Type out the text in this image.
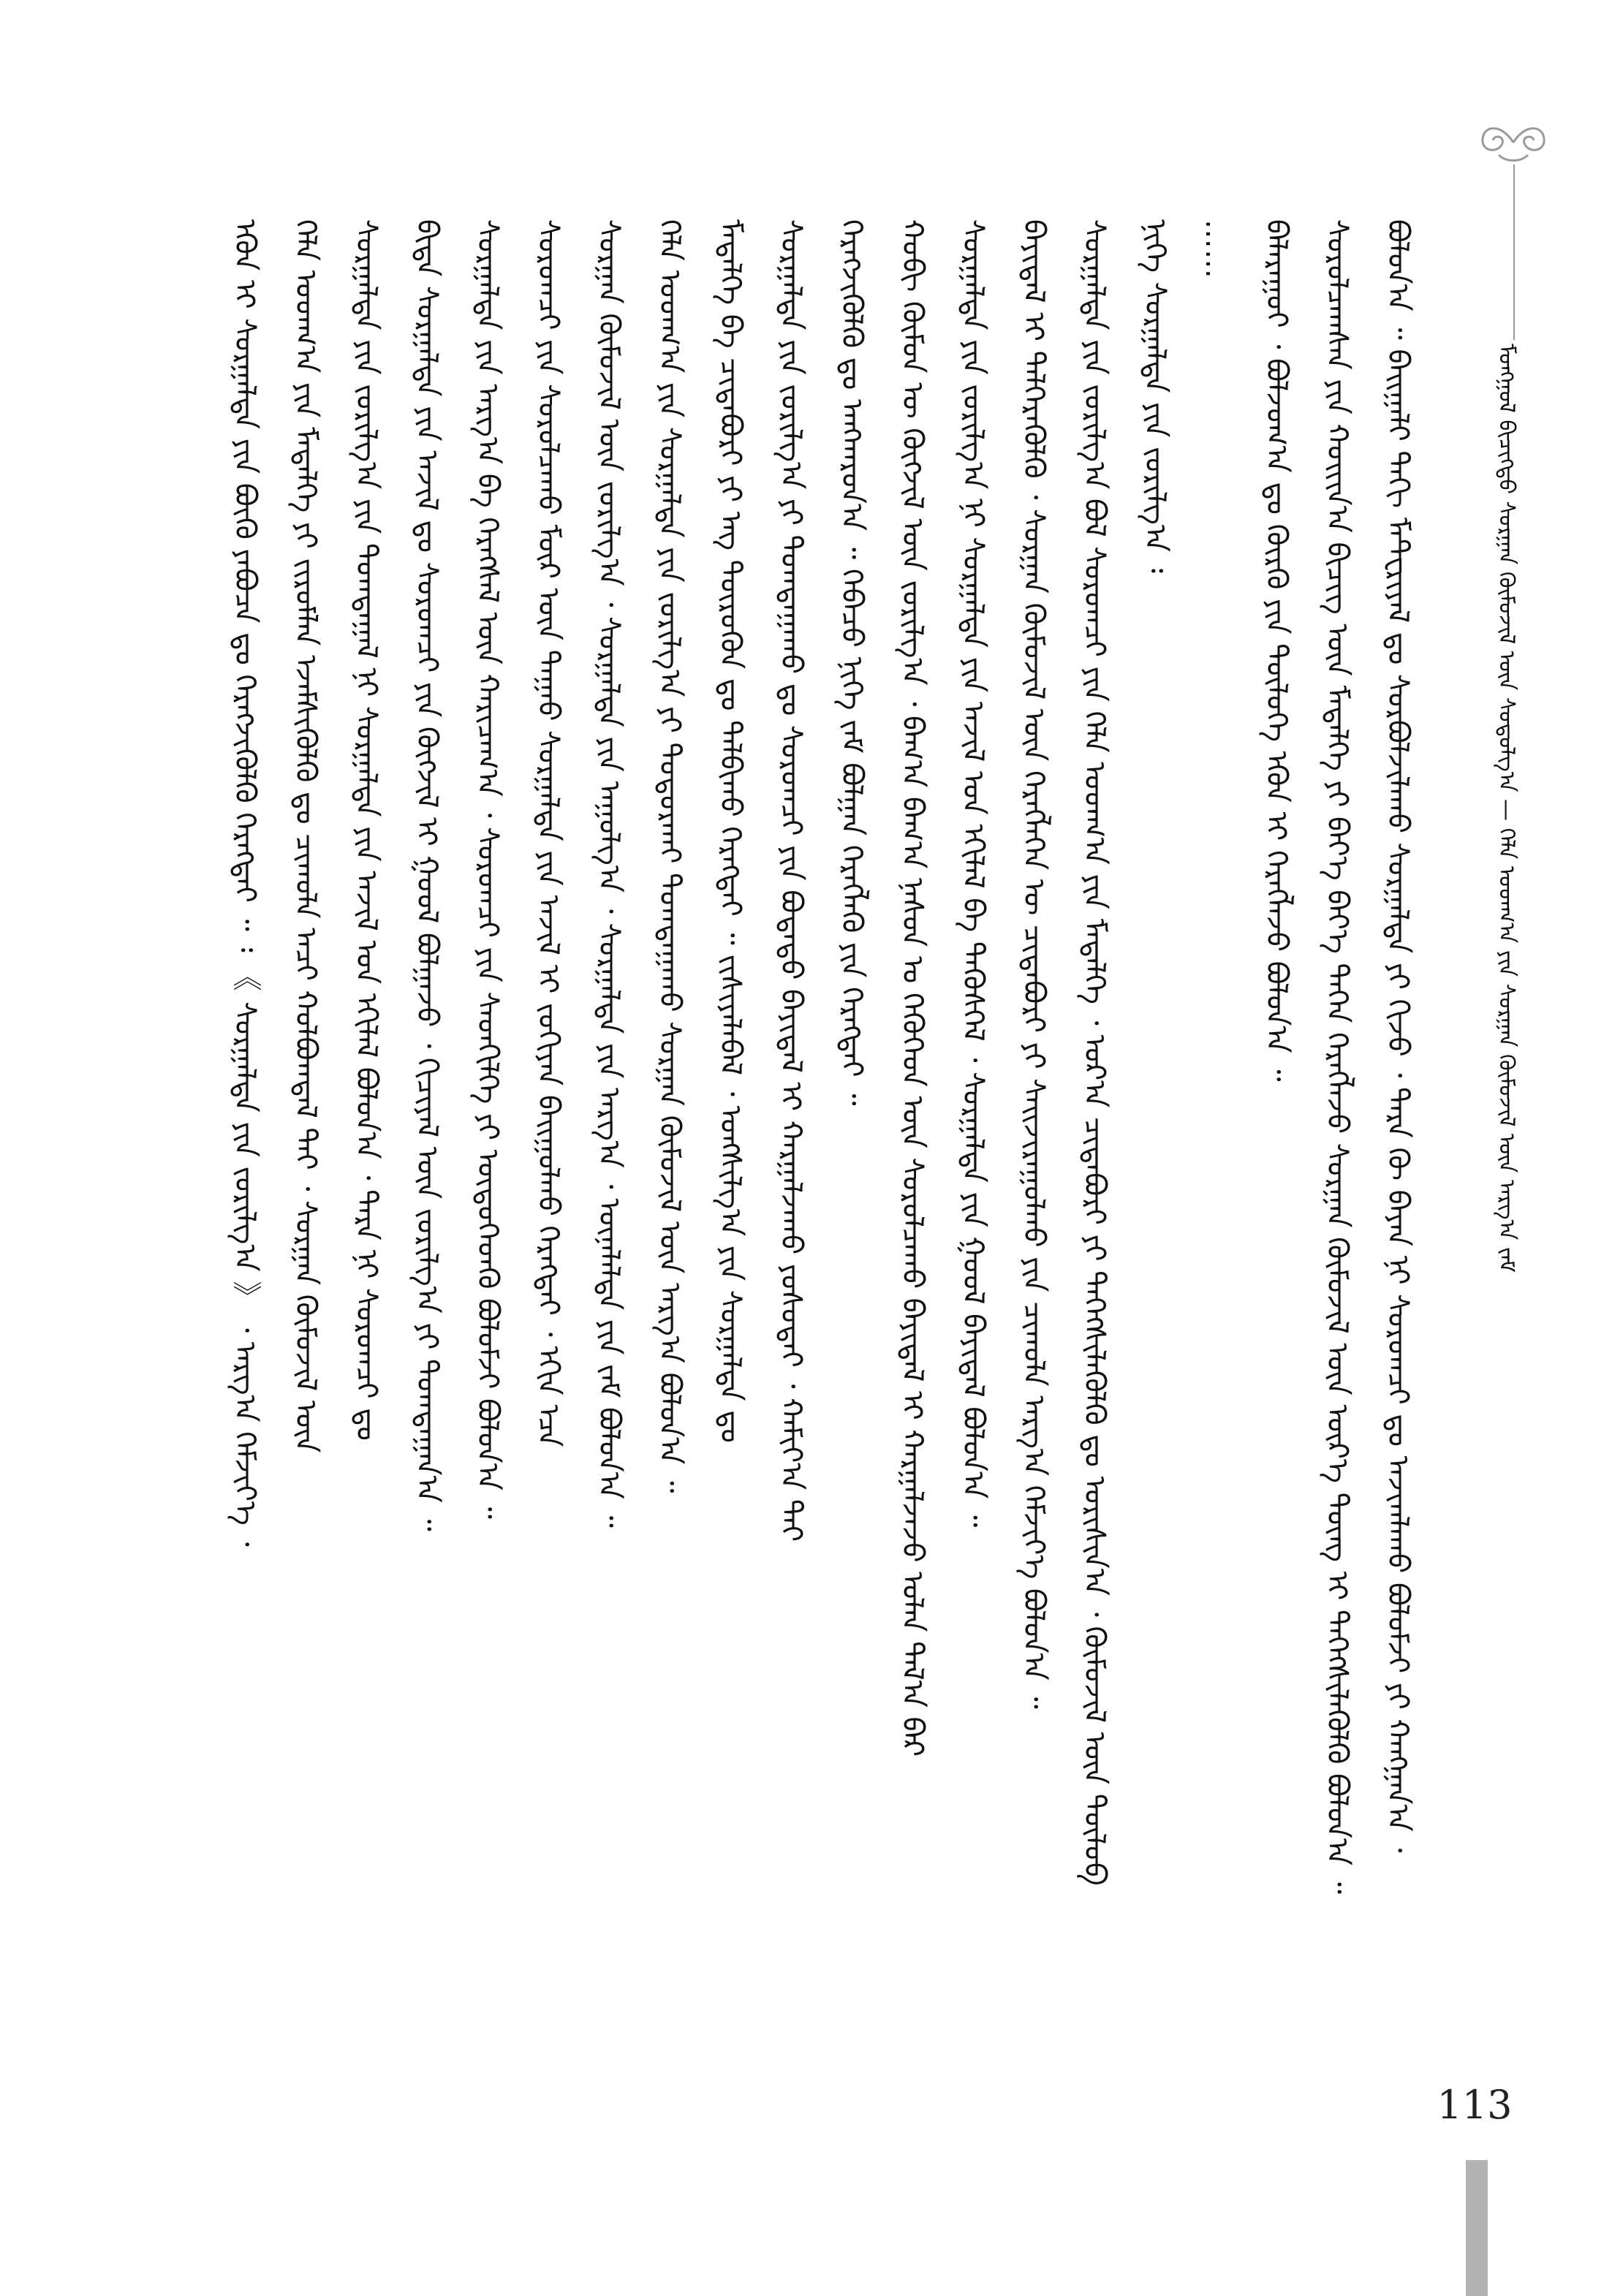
ᠮᠣᠩᠭᠣᠯ ᠪᠢᠴᠢᠭᠲᠦ ᠰᠤᠷᠭᠠᠨ ᠬᠦᠮᠦᠵᠢᠯ ᠦᠨ ᠰᠤᠳᠤᠯᠭ᠎ᠠ — ᠬᠡᠯᠡ ᠤᠳᠬ᠎ᠠ ᠶᠢᠨ ᠰᠤᠷᠭᠠᠨ ᠬᠦᠮᠦᠵᠢᠯ ᠦᠨ ᠠᠷᠭ᠎ᠠ ᠵᠠᠮ
ᠪᠤᠯᠤᠨ᠎ᠠ ᠃ ᠪᠠᠢᠭᠠᠯᠢ ᠳᠠᠬᠢ ᠮᠠᠲ᠋ᠧᠷᠢᠶᠠᠯ ᠳᠤ ᠰᠤᠷᠪᠤᠯᠵᠢᠯᠠᠬᠤ ᠰᠤᠷᠭᠠᠯᠲᠠ ᠶᠢ ᠬᠢᠵᠦ ᠂ ᠲᠡᠷᠡ ᠬᠦ ᠪᠠᠶᠠᠨ ᠨᠢ ᠰᠤᠷᠤᠭᠴᠢ ᠳᠤ ᠠᠵᠢᠭᠯᠠᠬᠤ ᠪᠣᠯᠤᠮᠵᠢ ᠶᠢ ᠬᠠᠩᠭᠠᠨ᠎ᠠ ᠂
ᠰᠤᠷᠤᠯᠴᠠᠭᠰᠠᠨ ᠶᠢᠨ ᠬᠣᠢᠢᠨ᠎ᠠ ᠪᠢᠴᠢᠭ᠌ ᠦᠨ ᠮᠡᠳᠡᠯᠭᠡ ᠶᠢ ᠪᠡᠶ᠎ᠡ ᠪᠡᠶ᠎ᠡ ᠳᠡᠭᠡᠨ ᠬᠡᠷᠡᠭᠯᠡᠵᠦ ᠰᠤᠷᠭᠠᠨ ᠬᠦᠮᠦᠵᠢᠯ ᠦᠨ ᠦᠷ᠎ᠡ ᠳᠦᠩ ᠢ ᠳᠡᠭᠡᠭᠰᠢᠯᠡᠭᠦᠯᠬᠦ ᠪᠣᠯᠤᠨ᠎ᠠ ᠃
ᠪᠠᠯᠠᠷᠠᠭᠤᠢ ᠂ ᠪᠣᠯᠵᠣᠭ᠎ᠠ ᠳᠤ ᠬᠦᠷᠬᠦ ᠶᠢᠨ ᠲᠥᠯᠥᠭᠡ ᠡᠭᠦᠨ ᠢ ᠬᠡᠷᠡᠭᠯᠡᠵᠦ ᠪᠣᠯᠣᠨ᠎ᠠ ᠃
……
ᠨᠢᠭᠡ ᠰᠤᠷᠭᠠᠯᠲᠠ ᠶᠢᠨ ᠵᠣᠷᠢᠯᠭ᠎ᠠ ᠄
ᠰᠤᠷᠭᠠᠯᠲᠠ ᠶᠢᠨ ᠵᠣᠷᠢᠯᠭ᠎ᠠ ᠪᠣᠯ ᠰᠤᠷᠤᠭᠴᠢ ᠶᠢᠨ ᠬᠡᠯᠡ ᠤᠳᠬ᠎ᠠ ᠶᠢᠨ ᠮᠡᠳᠡᠯᠭᠡ ᠂ ᠤᠷ᠎ᠠ ᠴᠢᠳᠠᠪᠤᠷᠢ ᠶᠢ ᠳᠡᠭᠡᠭᠰᠢᠯᠡᠭᠦᠯᠬᠦ ᠳᠤ ᠣᠷᠢᠰᠢᠨ᠎ᠠ ᠂ ᠬᠦᠮᠦᠵᠢᠯ ᠦᠨ ᠲᠥᠯᠥᠪ
ᠪᠠᠶᠢᠳᠠᠯ ᠢ ᠲᠡᠯᠭᠡᠷᠡᠭᠦᠯᠬᠦ ᠂ ᠰᠤᠷᠭᠠᠨ ᠬᠦᠮᠦᠵᠢᠯ ᠦᠨ ᠬᠡᠷᠡᠭᠯᠡᠭᠡᠨ ᠦ ᠴᠢᠳᠠᠪᠤᠷᠢ ᠶᠢ ᠰᠠᠢᠵᠢᠷᠠᠭᠤᠯᠬᠤ ᠶᠢᠨ ᠴᠢᠬᠤᠯᠠ ᠠᠷᠭ᠎ᠠ ᠬᠡᠮᠵᠢᠶ᠎ᠡ ᠪᠣᠯᠤᠨ᠎ᠠ ᠃
ᠰᠤᠷᠭᠠᠯᠲᠠ ᠶᠢᠨ ᠵᠣᠷᠢᠯᠭ᠎ᠠ ᠨᠢ ᠰᠤᠷᠭᠠᠯᠲᠠ ᠶᠢᠨ ᠠᠵᠢᠯ ᠤᠨ ᠡᠬᠢᠯᠡᠯ ᠪᠠ ᠲᠡᠭᠦᠰᠬᠡᠯ ᠂ ᠰᠤᠷᠭᠠᠯᠲᠠ ᠶᠢᠨ ᠭᠣᠣᠯ ᠪᠠᠶᠢᠳᠠᠯ ᠪᠣᠯᠤᠨ᠎ᠠ ᠃
ᠬᠤᠪᠢ ᠬᠦᠮᠦᠨ ᠦ ᠬᠥᠭᠵᠢᠯ ᠦᠨ ᠵᠣᠷᠢᠯᠭ᠎ᠠ ᠂ ᠪᠠᠭ᠎ᠠ ᠪᠠᠭ᠎ᠠ ᠨᠠᠰᠤᠨ ᠤ ᠬᠡᠭᠦᠬᠡᠳ ᠦᠨ ᠰᠤᠷᠤᠯᠴᠠᠬᠤ ᠪᠠᠶᠢᠳᠠᠯ ᠢ ᠬᠠᠷᠭᠠᠯᠵᠠᠵᠤ ᠣᠯᠠᠨ ᠲᠠᠯ᠎ᠠ ᠪᠠᠷ
ᠬᠡᠷᠡᠭᠵᠢᠭᠦᠯᠬᠦ ᠳᠤ ᠠᠩᠬᠠᠷᠤᠨ᠎ᠠ ᠃ ᠭᠡᠪᠡᠴᠦ ᠨᠢᠭᠡ ᠵᠠᠮ ᠪᠣᠯᠭᠠᠨ ᠬᠡᠷᠡᠭᠯᠡᠬᠦ ᠶᠢᠨ ᠬᠡᠷᠡᠭᠲᠡᠢ ᠃
ᠰᠤᠷᠭᠠᠯᠲᠠ ᠶᠢᠨ ᠵᠣᠷᠢᠯᠭ᠎ᠠ ᠶᠢ ᠲᠣᠭᠲᠠᠭᠠᠬᠤ ᠳᠤ ᠰᠤᠷᠤᠭᠴᠢ ᠶᠢᠨ ᠪᠣᠳᠠᠲᠤ ᠪᠠᠶᠢᠳᠠᠯ ᠢ ᠬᠠᠷᠭᠠᠯᠵᠠᠬᠤ ᠶᠣᠰᠣᠲᠠᠢ ᠂ ᠬᠠᠮᠢᠶ᠎ᠠ ᠲᠠᠢ
ᠮᠡᠳᠡᠯᠭᠡ ᠪᠠ ᠴᠢᠳᠠᠪᠤᠷᠢ ᠶᠢ ᠡᠩ ᠲᠦᠷᠦᠭᠦᠨ ᠳᠤ ᠲᠠᠯᠪᠢᠬᠤ ᠬᠡᠷᠡᠭᠲᠡᠢ ᠃ ᠵᠢᠱᠢᠶᠡᠯᠡᠪᠡᠯ ᠂ ᠤᠩᠰᠢᠯᠭ᠎ᠠ ᠶᠢᠨ ᠰᠤᠷᠭᠠᠯᠲᠠ ᠳᠤ
ᠬᠡᠯᠡ ᠤᠳᠬ᠎ᠠ ᠶᠢᠨ ᠰᠤᠷᠭᠠᠯᠲᠠ ᠶᠢᠨ ᠵᠣᠷᠢᠯᠭ᠎ᠠ ᠶᠢ ᠲᠣᠳᠣᠷᠬᠠᠢ ᠲᠣᠭᠲᠠᠭᠠᠬᠤ ᠰᠤᠷᠭᠠᠨ ᠬᠦᠮᠦᠵᠢᠯ ᠦᠨ ᠠᠷᠭ᠎ᠠ ᠪᠣᠯᠤᠨ᠎ᠠ ᠃
ᠰᠤᠷᠭᠠᠨ ᠬᠦᠮᠦᠵᠢᠯ ᠦᠨ ᠵᠣᠷᠢᠯᠭ᠎ᠠ ᠂ ᠰᠤᠷᠭᠠᠯᠲᠠ ᠶᠢᠨ ᠠᠭᠤᠯᠭ᠎ᠠ ᠂ ᠰᠤᠷᠭᠠᠯᠲᠠ ᠶᠢᠨ ᠠᠷᠭ᠎ᠠ ᠂ ᠦᠨᠡᠯᠡᠯᠲᠡ ᠶᠢᠨ ᠵᠠᠮ ᠪᠣᠯᠤᠨ᠎ᠠ ᠃
ᠰᠤᠷᠤᠭᠴᠢ ᠶᠢᠨ ᠰᠤᠷᠤᠯᠴᠠᠬᠤ ᠮᠦᠷ ᠦᠨ ᠳᠠᠭᠠᠤ ᠰᠤᠷᠭᠠᠯᠲᠠ ᠶᠢᠨ ᠠᠵᠢᠯ ᠢ ᠵᠣᠬᠢᠶᠠᠨ ᠪᠠᠢᠭᠤᠯᠬᠤ ᠬᠡᠷᠡᠭᠲᠡᠢ ᠂ ᠡᠬᠢᠨ ᠡᠴᠡ
ᠰᠤᠷᠭᠠᠯᠲᠠ ᠶᠢᠨ ᠠᠷᠭ᠎ᠠ ᠪᠠ ᠬᠡᠷᠡᠭᠰᠡᠯ ᠦᠨ ᠬᠠᠷᠢᠴᠠᠭ᠎ᠠ ᠂ ᠰᠤᠷᠤᠭᠴᠢ ᠶᠢᠨ ᠰᠡᠳᠬᠢᠯᠭᠡ ᠶᠢ ᠦᠳᠦᠭᠡᠳᠬᠦ ᠪᠣᠯᠤᠮᠵᠢ ᠪᠣᠯᠤᠨ᠎ᠠ ᠃
ᠪᠢᠳᠡ ᠰᠤᠷᠭᠠᠯᠲᠠ ᠶᠢᠨ ᠠᠵᠢᠯ ᠳᠤ ᠰᠤᠷᠤᠭᠴᠢ ᠶᠢᠨ ᠬᠥᠭᠵᠢᠯ ᠢ ᠭᠣᠣᠯ ᠪᠣᠯᠭᠠᠵᠤ ᠂ ᠬᠢᠴᠢᠶᠡᠯ ᠦᠨ ᠵᠣᠷᠢᠯᠭ᠎ᠠ ᠶᠢ ᠲᠣᠭᠲᠠᠭᠠᠨ᠎ᠠ ᠃
ᠰᠤᠷᠭᠠᠯᠲᠠ ᠶᠢᠨ ᠵᠣᠷᠢᠯᠭ᠎ᠠ ᠶᠢᠨ ᠲᠣᠭᠲᠠᠭᠠᠯ ᠨᠢ ᠰᠤᠷᠭᠠᠯᠲᠠ ᠶᠢᠨ ᠠᠵᠢᠯ ᠤᠨ ᠡᠬᠢᠯᠡᠯ ᠪᠣᠯᠤᠨ᠎ᠠ ᠂ ᠲᠡᠷᠡ ᠨᠢ ᠰᠤᠷᠤᠭᠴᠢ ᠳᠤ
ᠬᠡᠯᠡ ᠤᠳᠬ᠎ᠠ ᠶᠢᠨ ᠮᠡᠳᠡᠯᠭᠡ ᠶᠢ ᠵᠢᠷᠤᠮᠯᠠᠨ ᠡᠵᠡᠮᠰᠢᠭᠦᠯᠬᠦ ᠳᠤ ᠴᠢᠬᠤᠯᠠ ᠠᠴᠢ ᠬᠣᠯᠪᠣᠭᠳᠠᠯ ᠲᠠᠢ ᠂ ᠰᠤᠷᠭᠠᠨ ᠬᠦᠮᠦᠵᠢᠯ ᠦᠨ
ᠡᠭᠦᠨ ᠢ ᠰᠤᠷᠭᠠᠯᠲᠠ ᠶᠢᠨ ᠪᠦᠬᠦ ᠶᠠᠪᠤᠴᠠ ᠳᠤ ᠬᠡᠷᠡᠭᠵᠢᠭᠦᠯᠬᠦ ᠬᠡᠷᠡᠭᠲᠡᠢ ᠃ ᠄ 《 ᠰᠤᠷᠭᠠᠯᠲᠠ ᠶᠢᠨ ᠵᠣᠷᠢᠯᠭ᠎ᠠ 》 ᠂ ᠠᠷᠭ᠎ᠠ ᠬᠡᠮᠵᠢᠶ᠎ᠡ ᠂
113
